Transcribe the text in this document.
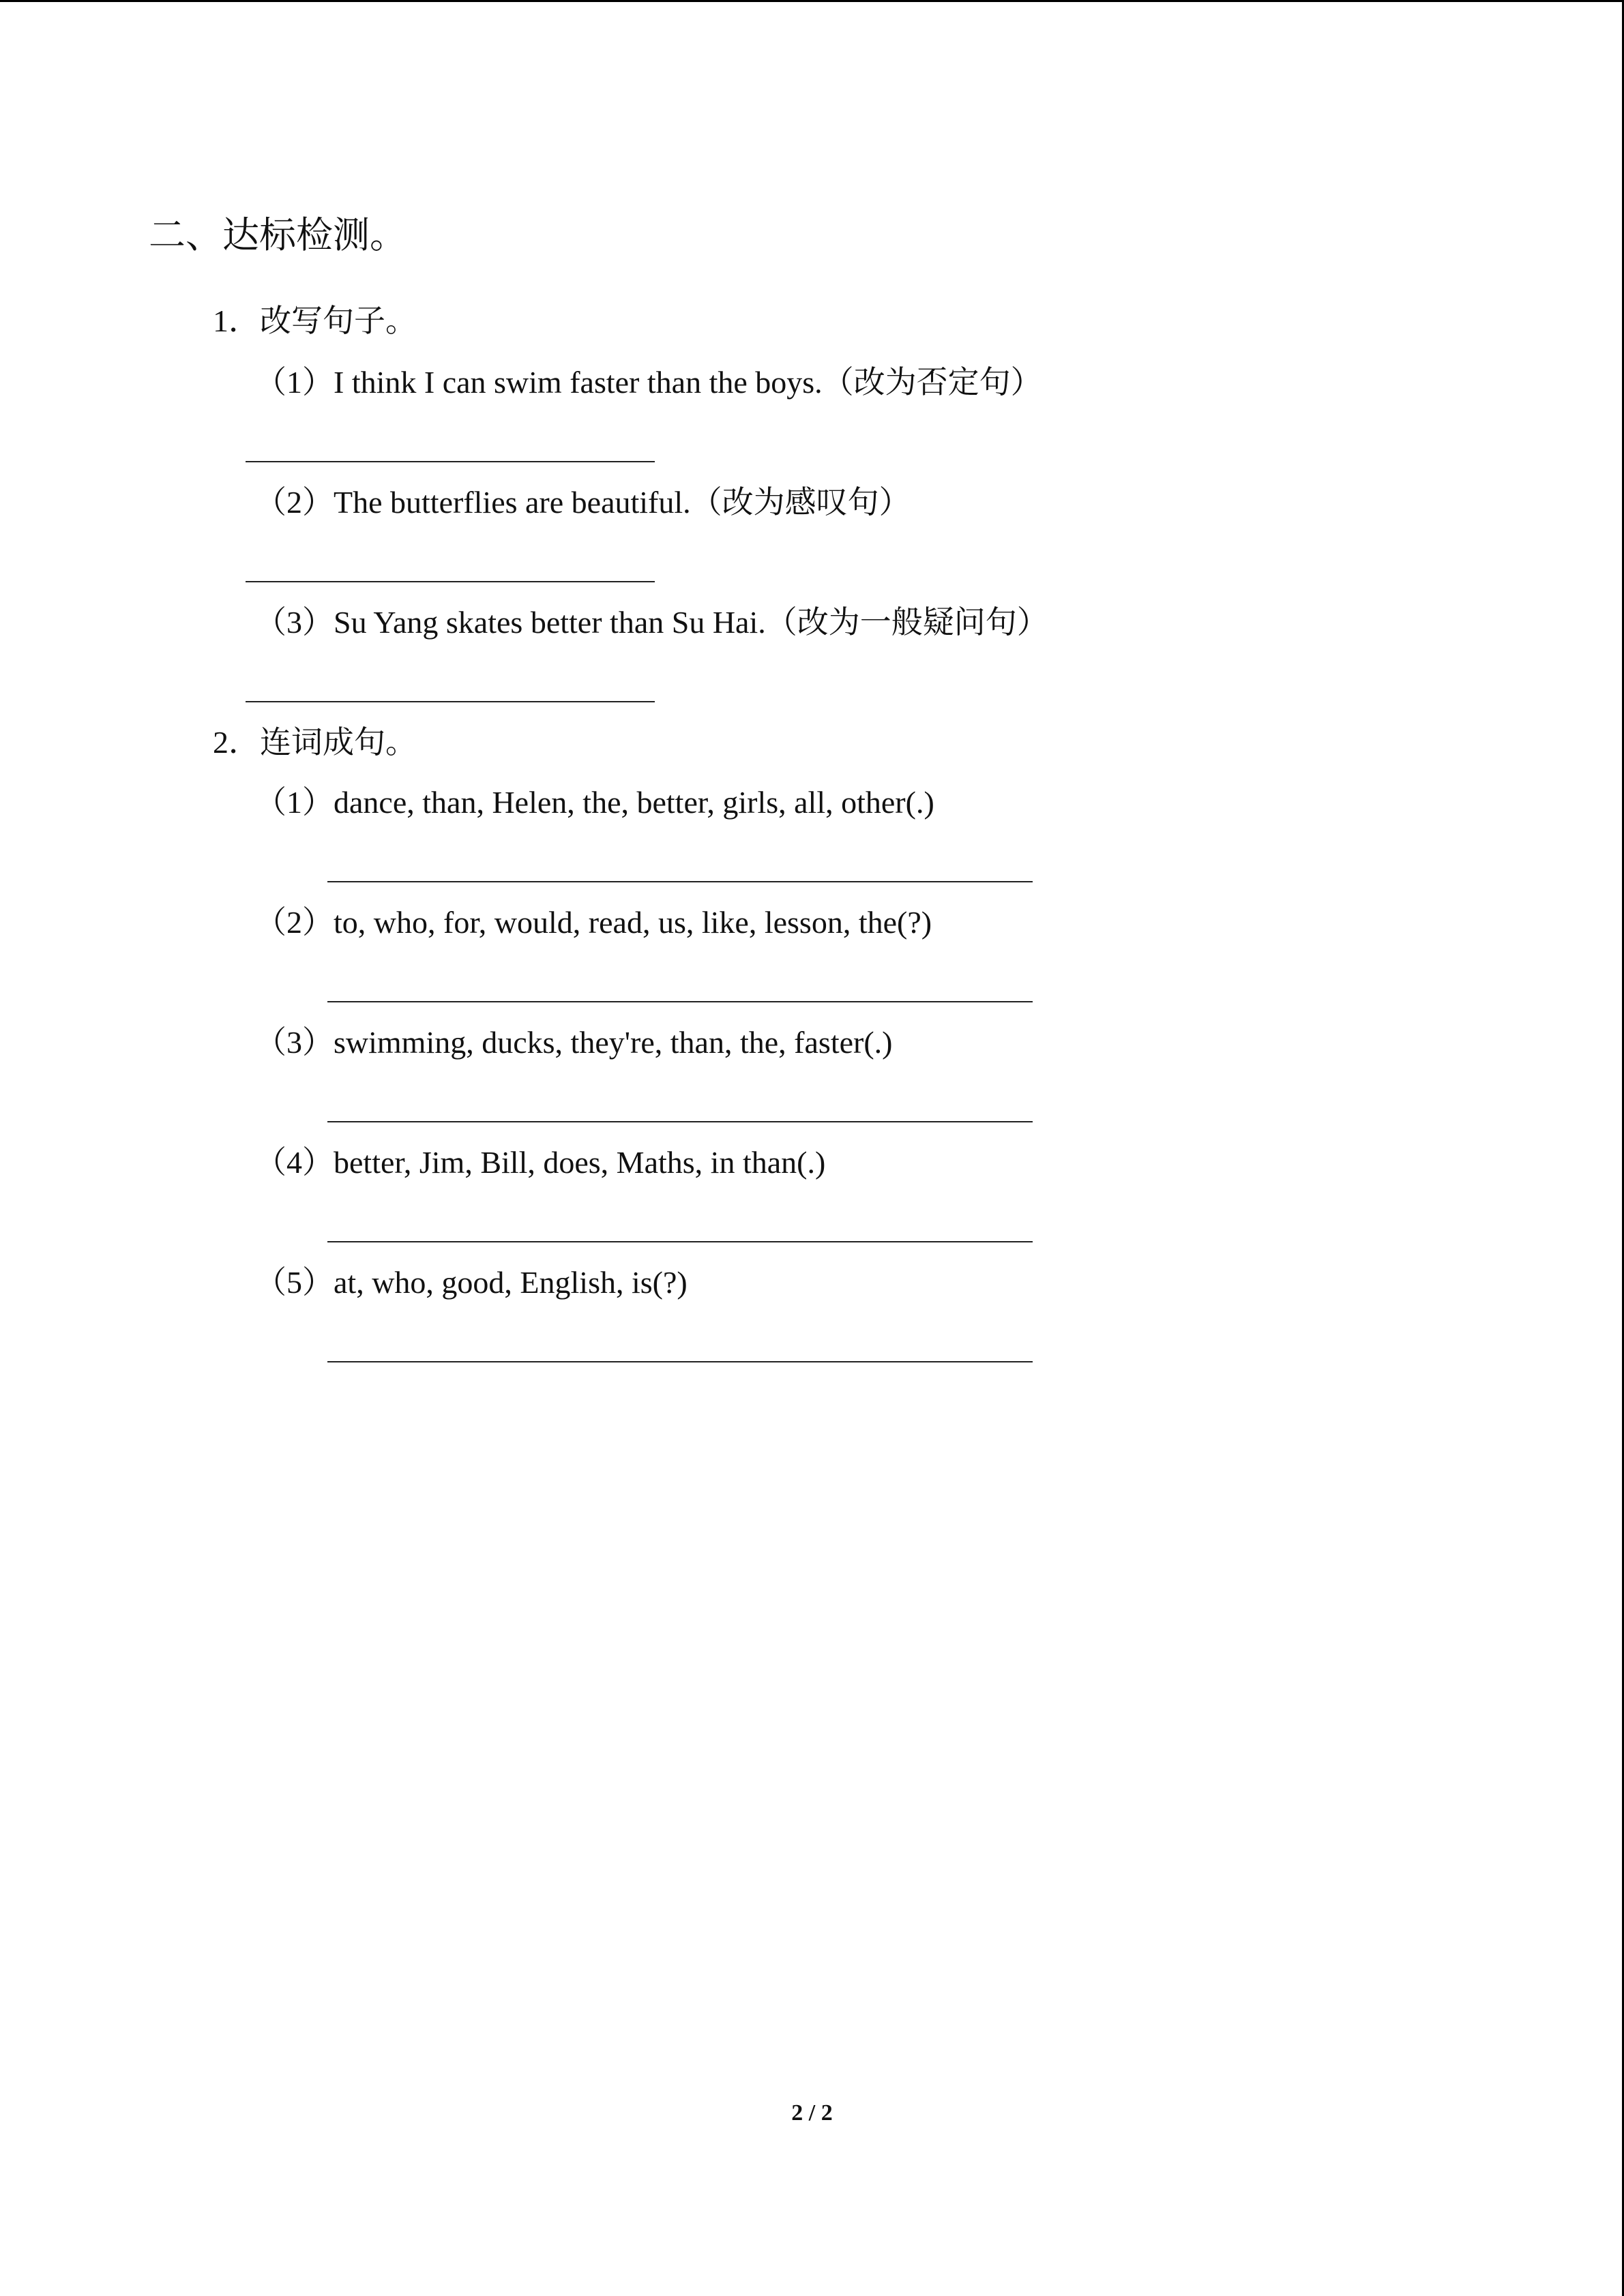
二、达标检测。
1．改写句子。
（1）I think I can swim faster than the boys.（改为否定句）
（2）The butterflies are beautiful.（改为感叹句）
（3）Su Yang skates better than Su Hai.（改为一般疑问句）
2．连词成句。
（1）dance, than, Helen, the, better, girls, all, other(.)
（2）to, who, for, would, read, us, like, lesson, the(?)
（3）swimming, ducks, they're, than, the, faster(.)
（4）better, Jim, Bill, does, Maths, in than(.)
（5）at, who, good, English, is(?)
2 / 2
